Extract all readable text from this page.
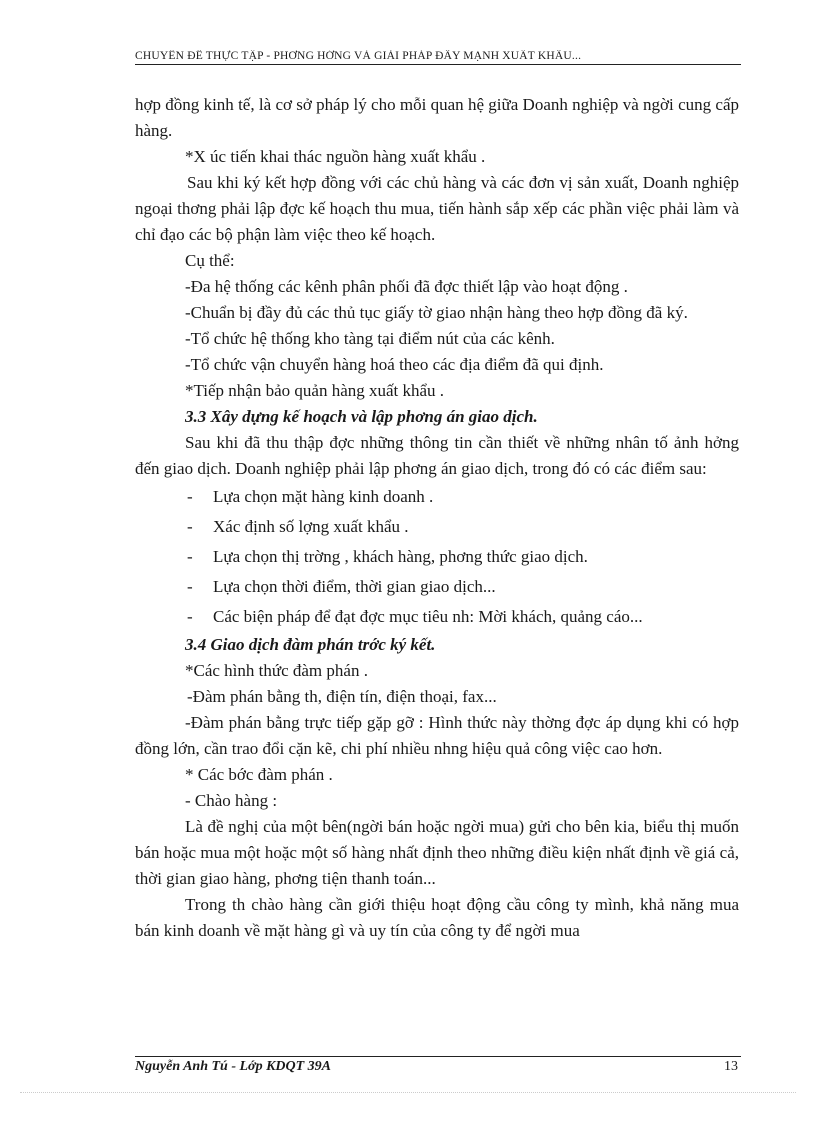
CHUYÊN ĐỀ THỰC TẬP - PHƠNG HỚNG VÀ GIẢI PHÁP ĐẨY MẠNH XUẤT KHẨU...

hợp đồng kinh tế, là cơ sở pháp lý cho mỗi quan hệ giữa Doanh nghiệp và ngời cung cấp hàng.

*X úc tiến khai thác nguồn hàng xuất khẩu .

Sau khi ký kết hợp đồng với các chủ hàng và các đơn vị sản xuất, Doanh nghiệp ngoại thơng phải lập đợc kế hoạch thu mua, tiến hành sắp xếp các phần việc phải làm và chỉ đạo các bộ phận làm việc theo kế hoạch.

Cụ thể:

-Đa hệ thống các kênh phân phối đã đợc thiết lập vào hoạt động .

-Chuẩn bị đầy đủ các thủ tục giấy tờ giao nhận hàng theo hợp đồng đã ký.

-Tổ chức hệ thống kho tàng tại điểm nút của các kênh.

-Tổ chức vận chuyển hàng hoá theo các địa điểm đã qui định.

*Tiếp nhận bảo quản hàng xuất khẩu .

3.3 Xây dựng kế hoạch và lập phơng án giao dịch.

Sau khi đã thu thập đợc những thông tin cần thiết về những nhân tố ảnh hởng đến giao dịch. Doanh nghiệp phải lập phơng án giao dịch, trong đó có các điểm sau:

- Lựa chọn mặt hàng kinh doanh .
- Xác định số lợng xuất khẩu .
- Lựa chọn thị trờng , khách hàng, phơng thức giao dịch.
- Lựa chọn thời điểm, thời gian giao dịch...
- Các biện pháp để đạt đợc mục tiêu nh: Mời khách, quảng cáo...

3.4 Giao dịch đàm phán trớc ký kết.

*Các hình thức đàm phán .

-Đàm phán bằng th, điện tín, điện thoại, fax...

-Đàm phán bằng trực tiếp gặp gỡ : Hình thức này thờng đợc áp dụng khi có hợp đồng lớn, cần trao đổi cặn kẽ, chi phí nhiều nhng hiệu quả công việc cao hơn.

* Các bớc đàm phán .

- Chào hàng :

Là đề nghị của một bên(ngời bán hoặc ngời mua) gửi cho bên kia, biểu thị muốn bán hoặc mua một hoặc một số hàng nhất định theo những điều kiện nhất định về giá cả, thời gian giao hàng, phơng tiện thanh toán...

Trong th chào hàng cần giới thiệu hoạt động cầu công ty mình, khả năng mua bán kinh doanh về mặt hàng gì và uy tín của công ty để ngời mua

Nguyễn Anh Tú - Lớp KDQT 39A	13
